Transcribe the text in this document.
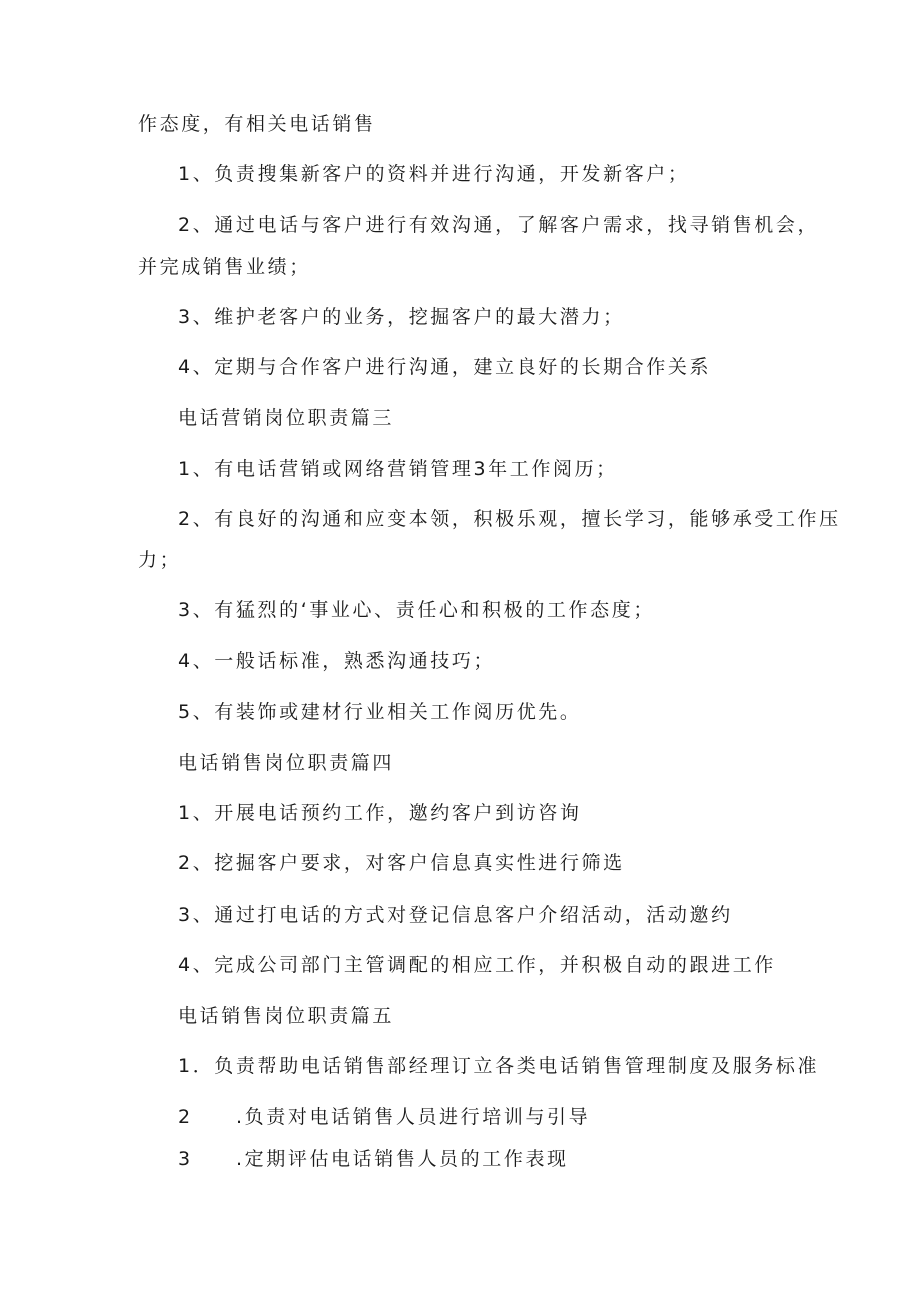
作态度，有相关电话销售
1、负责搜集新客户的资料并进行沟通，开发新客户；
2、通过电话与客户进行有效沟通，了解客户需求，找寻销售机会，
并完成销售业绩；
3、维护老客户的业务，挖掘客户的最大潜力；
4、定期与合作客户进行沟通，建立良好的长期合作关系
电话营销岗位职责篇三
1、有电话营销或网络营销管理3年工作阅历；
2、有良好的沟通和应变本领，积极乐观，擅长学习，能够承受工作压
力；
3、有猛烈的‘事业心、责任心和积极的工作态度；
4、一般话标准，熟悉沟通技巧；
5、有装饰或建材行业相关工作阅历优先。
电话销售岗位职责篇四
1、开展电话预约工作，邀约客户到访咨询
2、挖掘客户要求，对客户信息真实性进行筛选
3、通过打电话的方式对登记信息客户介绍活动，活动邀约
4、完成公司部门主管调配的相应工作，并积极自动的跟进工作
电话销售岗位职责篇五
1．负责帮助电话销售部经理订立各类电话销售管理制度及服务标准
2 .负责对电话销售人员进行培训与引导
3 .定期评估电话销售人员的工作表现
